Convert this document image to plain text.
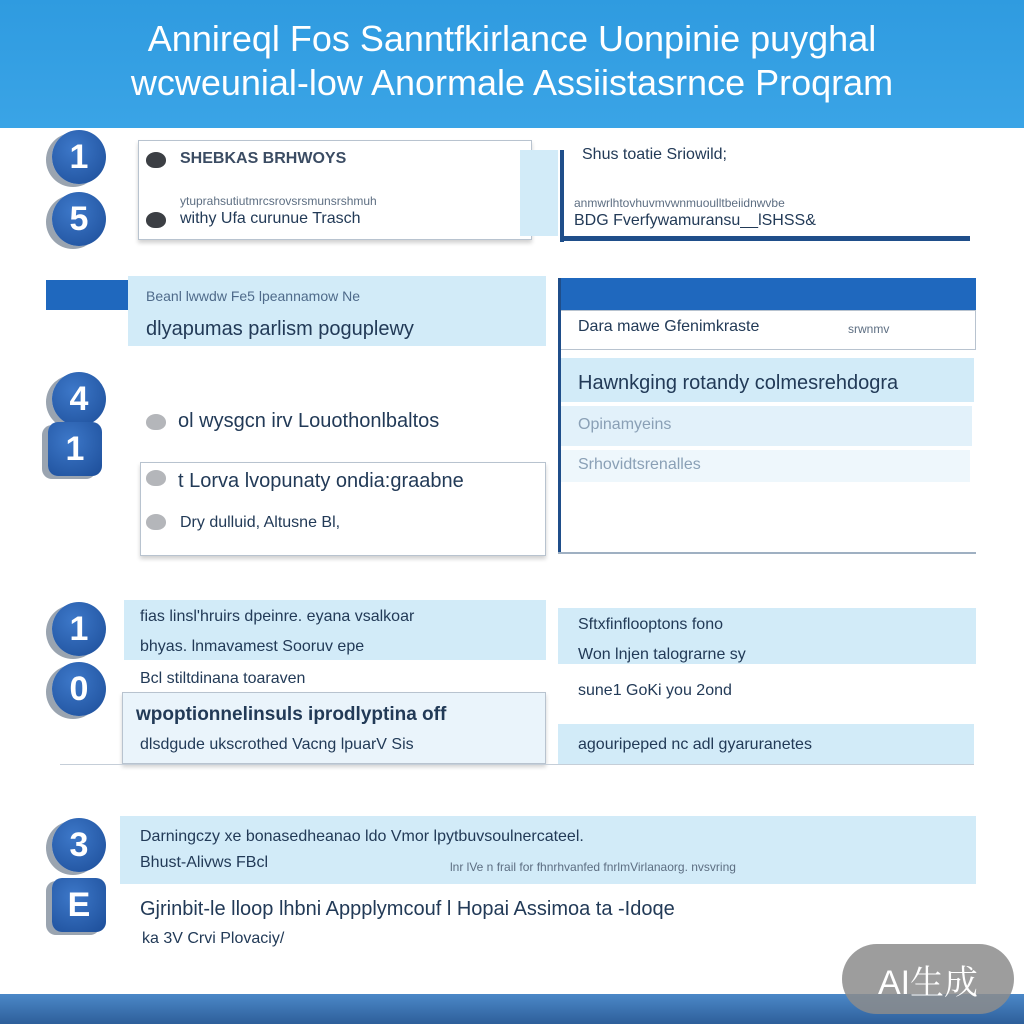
Annireql Fos Sanntfkirlance Uonpinie puyghal
wcweunial-low Anormale Assiistasrnce Proqram
1
5
SHEBKAS BRHWOYS
ytuprahsutiutmrcsrovsrsmunsrshmuh
withy Ufa curunue Trasch
Shus toatie Sriowild;
anmwrlhtovhuvmvwnmuoulltbeiidnwvbe
BDG Fverfywamuransu__lSHSS&
Beanl lwwdw Fe5 lpeannamow Ne
dlyapumas parlism poguplewy
4
1
ol wysgcn irv Louothonlbaltos
t Lorva lvopunaty ondia:graabne
Dry dulluid, Altusne Bl,
Dara mawe Gfenimkraste	srwnmv
Hawnkging rotandy colmesrehdogra
Opinamyeins
Srhovidtsrenalles
1
0
fias linsl'hruirs dpeinre. eyana vsalkoar
bhyas. lnmavamest Sooruv epe
Bcl stiltdinana toaraven
wpoptionnelinsuls iprodlyptina off
dlsdgude ukscrothed Vacng lpuarV Sis
Sftxfinflooptons fono
Won lnjen talograrne sy
sune1 GoKi you 2ond
agouripeped nc adl gyaruranetes
3
E
Darningczy xe bonasedheanao ldo Vmor lpytbuvsoulnercateel.
Bhust-Alivws FBcl	lnr lVe n frail for fhnrhvanfed fnrlmVirlanaorg. nvsvring
Gjrinbit-le lloop lhbni Appplymcouf l Hopai Assimoa ta -Idoqe
ka 3V Crvi Plovaciy/
AI生成
